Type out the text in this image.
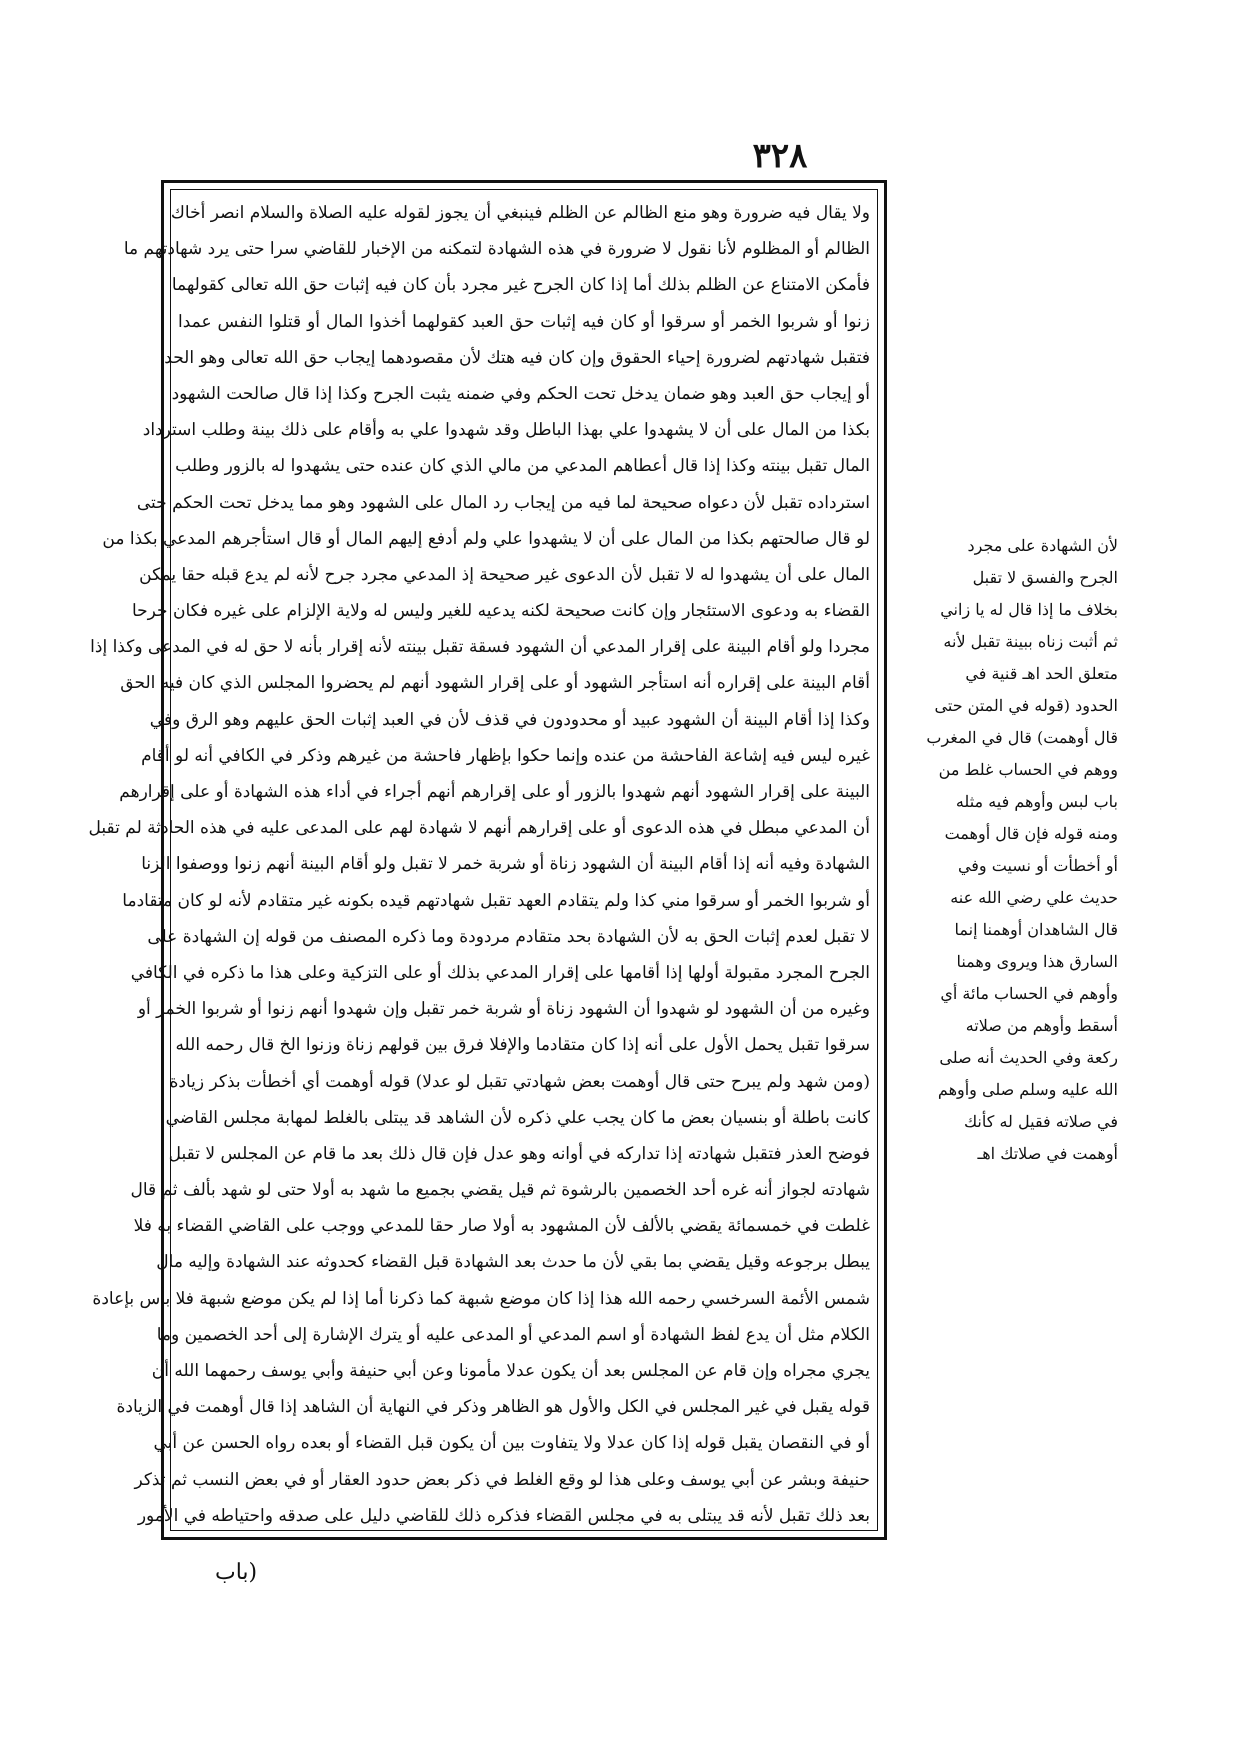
٣٢٨
ولا يقال فيه ضرورة وهو منع الظالم عن الظلم فينبغي أن يجوز لقوله عليه الصلاة والسلام انصر أخاك
الظالم أو المظلوم لأنا نقول لا ضرورة في هذه الشهادة لتمكنه من الإخبار للقاضي سرا حتى يرد شهادتهم ما
فأمكن الامتناع عن الظلم بذلك أما إذا كان الجرح غير مجرد بأن كان فيه إثبات حق الله تعالى كقولهما
زنوا أو شربوا الخمر أو سرقوا أو كان فيه إثبات حق العبد كقولهما أخذوا المال أو قتلوا النفس عمدا
فتقبل شهادتهم لضرورة إحياء الحقوق وإن كان فيه هتك لأن مقصودهما إيجاب حق الله تعالى وهو الحد
أو إيجاب حق العبد وهو ضمان يدخل تحت الحكم وفي ضمنه يثبت الجرح وكذا إذا قال صالحت الشهود
بكذا من المال على أن لا يشهدوا علي بهذا الباطل وقد شهدوا علي به وأقام على ذلك بينة وطلب استرداد
المال تقبل بينته وكذا إذا قال أعطاهم المدعي من مالي الذي كان عنده حتى يشهدوا له بالزور وطلب
استرداده تقبل لأن دعواه صحيحة لما فيه من إيجاب رد المال على الشهود وهو مما يدخل تحت الحكم حتى
لو قال صالحتهم بكذا من المال على أن لا يشهدوا علي ولم أدفع إليهم المال أو قال استأجرهم المدعي بكذا من
المال على أن يشهدوا له لا تقبل لأن الدعوى غير صحيحة إذ المدعي مجرد جرح لأنه لم يدع قبله حقا يمكن
القضاء به ودعوى الاستئجار وإن كانت صحيحة لكنه يدعيه للغير وليس له ولاية الإلزام على غيره فكان جرحا
مجردا ولو أقام البينة على إقرار المدعي أن الشهود فسقة تقبل بينته لأنه إقرار بأنه لا حق له في المدعى وكذا إذا
أقام البينة على إقراره أنه استأجر الشهود أو على إقرار الشهود أنهم لم يحضروا المجلس الذي كان فيه الحق
وكذا إذا أقام البينة أن الشهود عبيد أو محدودون في قذف لأن في العبد إثبات الحق عليهم وهو الرق وفي
غيره ليس فيه إشاعة الفاحشة من عنده وإنما حكوا بإظهار فاحشة من غيرهم وذكر في الكافي أنه لو أقام
البينة على إقرار الشهود أنهم شهدوا بالزور أو على إقرارهم أنهم أجراء في أداء هذه الشهادة أو على إقرارهم
أن المدعي مبطل في هذه الدعوى أو على إقرارهم أنهم لا شهادة لهم على المدعى عليه في هذه الحادثة لم تقبل
الشهادة وفيه أنه إذا أقام البينة أن الشهود زناة أو شربة خمر لا تقبل ولو أقام البينة أنهم زنوا ووصفوا الزنا
أو شربوا الخمر أو سرقوا مني كذا ولم يتقادم العهد تقبل شهادتهم قيده بكونه غير متقادم لأنه لو كان متقادما
لا تقبل لعدم إثبات الحق به لأن الشهادة بحد متقادم مردودة وما ذكره المصنف من قوله إن الشهادة على
الجرح المجرد مقبولة أولها إذا أقامها على إقرار المدعي بذلك أو على التزكية وعلى هذا ما ذكره في الكافي
وغيره من أن الشهود لو شهدوا أن الشهود زناة أو شربة خمر تقبل وإن شهدوا أنهم زنوا أو شربوا الخمر أو
سرقوا تقبل يحمل الأول على أنه إذا كان متقادما والإفلا فرق بين قولهم زناة وزنوا الخ قال رحمه الله
(ومن شهد ولم يبرح حتى قال أوهمت بعض شهادتي تقبل لو عدلا) قوله أوهمت أي أخطأت بذكر زيادة
كانت باطلة أو بنسيان بعض ما كان يجب علي ذكره لأن الشاهد قد يبتلى بالغلط لمهابة مجلس القاضي
فوضح العذر فتقبل شهادته إذا تداركه في أوانه وهو عدل فإن قال ذلك بعد ما قام عن المجلس لا تقبل
شهادته لجواز أنه غره أحد الخصمين بالرشوة ثم قيل يقضي بجميع ما شهد به أولا حتى لو شهد بألف ثم قال
غلطت في خمسمائة يقضي بالألف لأن المشهود به أولا صار حقا للمدعي ووجب على القاضي القضاء به فلا
يبطل برجوعه وقيل يقضي بما بقي لأن ما حدث بعد الشهادة قبل القضاء كحدوثه عند الشهادة وإليه مال
شمس الأئمة السرخسي رحمه الله هذا إذا كان موضع شبهة كما ذكرنا أما إذا لم يكن موضع شبهة فلا بأس بإعادة
الكلام مثل أن يدع لفظ الشهادة أو اسم المدعي أو المدعى عليه أو يترك الإشارة إلى أحد الخصمين وما
يجري مجراه وإن قام عن المجلس بعد أن يكون عدلا مأمونا وعن أبي حنيفة وأبي يوسف رحمهما الله أن
قوله يقبل في غير المجلس في الكل والأول هو الظاهر وذكر في النهاية أن الشاهد إذا قال أوهمت في الزيادة
أو في النقصان يقبل قوله إذا كان عدلا ولا يتفاوت بين أن يكون قبل القضاء أو بعده رواه الحسن عن أبي
حنيفة وبشر عن أبي يوسف وعلى هذا لو وقع الغلط في ذكر بعض حدود العقار أو في بعض النسب ثم تذكر
بعد ذلك تقبل لأنه قد يبتلى به في مجلس القضاء فذكره ذلك للقاضي دليل على صدقه واحتياطه في الأمور
لأن الشهادة على مجرد
الجرح والفسق لا تقبل
بخلاف ما إذا قال له يا زاني
ثم أثبت زناه ببينة تقبل لأنه
متعلق الحد اهـ قنية في
الحدود (قوله في المتن حتى
قال أوهمت) قال في المغرب
ووهم في الحساب غلط من
باب لبس وأوهم فيه مثله
ومنه قوله فإن قال أوهمت
أو أخطأت أو نسيت وفي
حديث علي رضي الله عنه
قال الشاهدان أوهمنا إنما
السارق هذا ويروى وهمنا
وأوهم في الحساب مائة أي
أسقط وأوهم من صلاته
ركعة وفي الحديث أنه صلى
الله عليه وسلم صلى وأوهم
في صلاته فقيل له كأنك
أوهمت في صلاتك اهـ
(باب
